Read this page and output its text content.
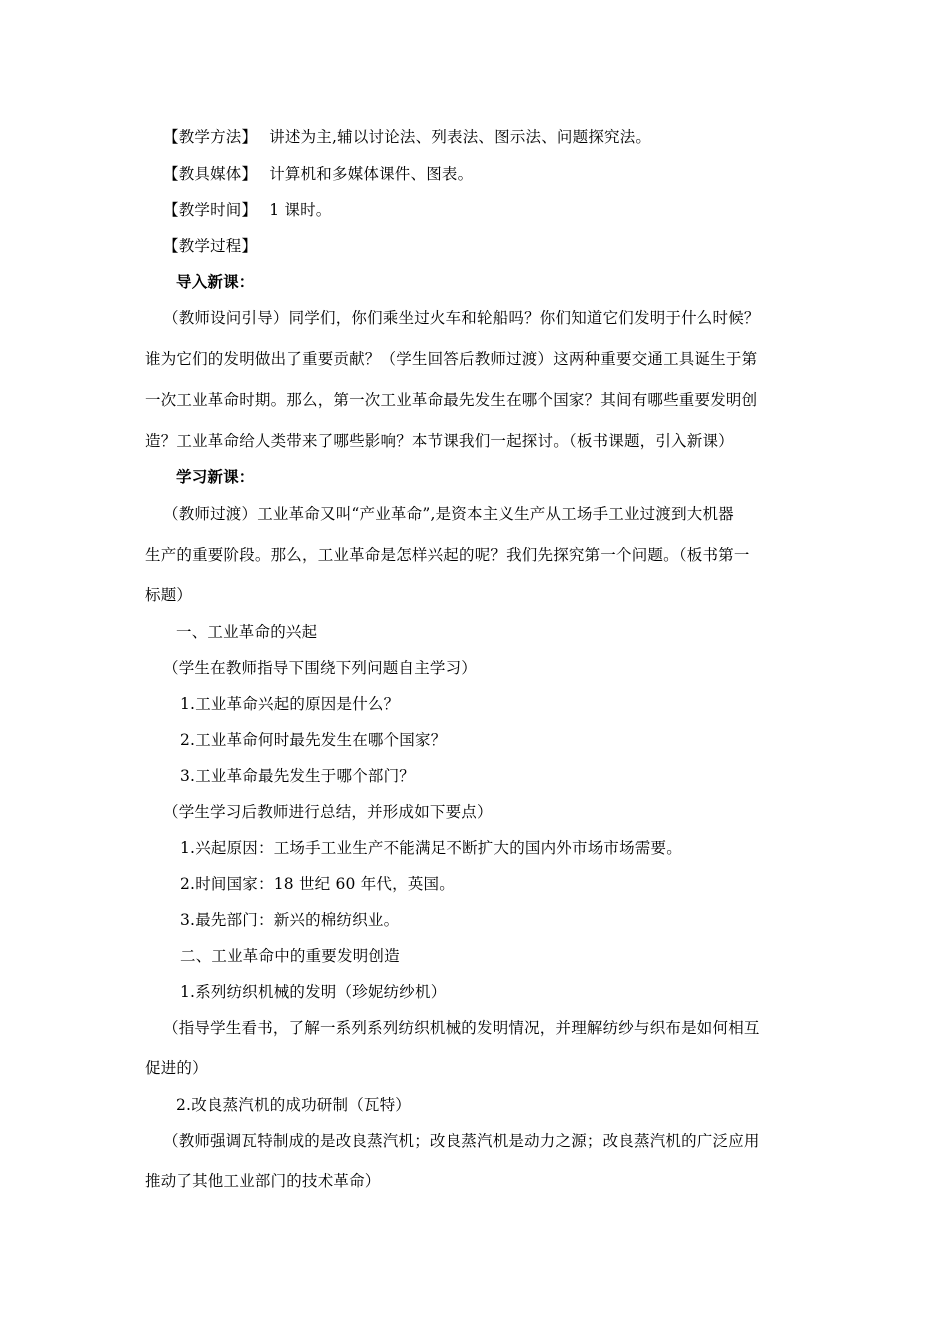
【教学方法】 讲述为主,辅以讨论法、列表法、图示法、问题探究法。
【教具媒体】 计算机和多媒体课件、图表。
【教学时间】 1 课时。
【教学过程】
导入新课：
（教师设问引导）同学们，你们乘坐过火车和轮船吗？你们知道它们发明于什么时候？
谁为它们的发明做出了重要贡献？（学生回答后教师过渡）这两种重要交通工具诞生于第
一次工业革命时期。那么，第一次工业革命最先发生在哪个国家？其间有哪些重要发明创
造？工业革命给人类带来了哪些影响？本节课我们一起探讨。（板书课题，引入新课）
学习新课：
（教师过渡）工业革命又叫“产业革命”,是资本主义生产从工场手工业过渡到大机器
生产的重要阶段。那么，工业革命是怎样兴起的呢？我们先探究第一个问题。（板书第一
标题）
一、工业革命的兴起
（学生在教师指导下围绕下列问题自主学习）
1.工业革命兴起的原因是什么？
2.工业革命何时最先发生在哪个国家？
3.工业革命最先发生于哪个部门？
（学生学习后教师进行总结，并形成如下要点）
1.兴起原因：工场手工业生产不能满足不断扩大的国内外市场市场需要。
2.时间国家：18 世纪 60 年代，英国。
3.最先部门：新兴的棉纺织业。
二、工业革命中的重要发明创造
1.系列纺织机械的发明（珍妮纺纱机）
（指导学生看书，了解一系列系列纺织机械的发明情况，并理解纺纱与织布是如何相互
促进的）
2.改良蒸汽机的成功研制（瓦特）
（教师强调瓦特制成的是改良蒸汽机；改良蒸汽机是动力之源；改良蒸汽机的广泛应用
推动了其他工业部门的技术革命）
